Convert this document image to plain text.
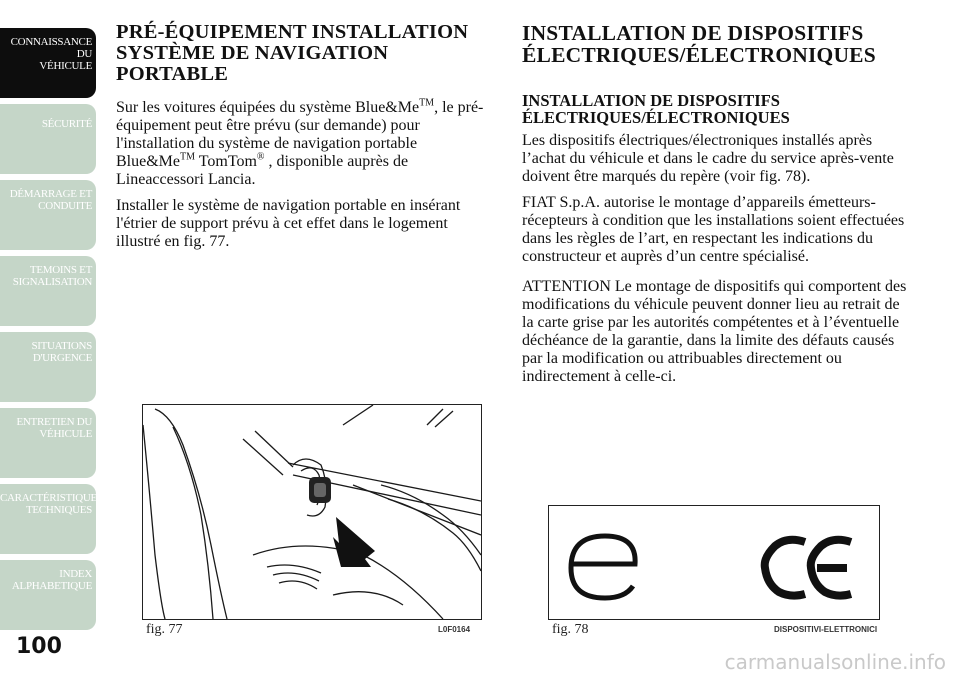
CONNAISSANCE DU
VÉHICULE
SÉCURITÉ
DÉMARRAGE ET
CONDUITE
TEMOINS ET
SIGNALISATION
SITUATIONS
D'URGENCE
ENTRETIEN DU
VÉHICULE
CARACTÉRISTIQUES
TECHNIQUES
INDEX
ALPHABETIQUE
100
PRÉ-ÉQUIPEMENT INSTALLATION
SYSTÈME DE NAVIGATION
PORTABLE

Sur les voitures équipées du système Blue&Me™, le pré-équipement peut être prévu (sur demande) pour l'installation du système de navigation portable Blue&Me™ TomTom® , disponible auprès de Lineaccessori Lancia.

Installer le système de navigation portable en insérant l'étrier de support prévu à cet effet dans le logement illustré en fig. 77.

fig. 77	L0F0164
INSTALLATION DE DISPOSITIFS
ÉLECTRIQUES/ÉLECTRONIQUES
INSTALLATION DE DISPOSITIFS
ÉLECTRIQUES/ÉLECTRONIQUES

Les dispositifs électriques/électroniques installés après l’achat du véhicule et dans le cadre du service après-vente doivent être marqués du repère (voir fig. 78).

FIAT S.p.A. autorise le montage d’appareils émetteurs-récepteurs à condition que les installations soient effectuées dans les règles de l’art, en respectant les indications du constructeur et auprès d’un centre spécialisé.

ATTENTION Le montage de dispositifs qui comportent des modifications du véhicule peuvent donner lieu au retrait de la carte grise par les autorités compétentes et à l’éventuelle déchéance de la garantie, dans la limite des défauts causés par la modification ou attribuables directement ou indirectement à celle-ci.

fig. 78	DISPOSITIVI-ELETTRONICI
carmanualsonline.info
